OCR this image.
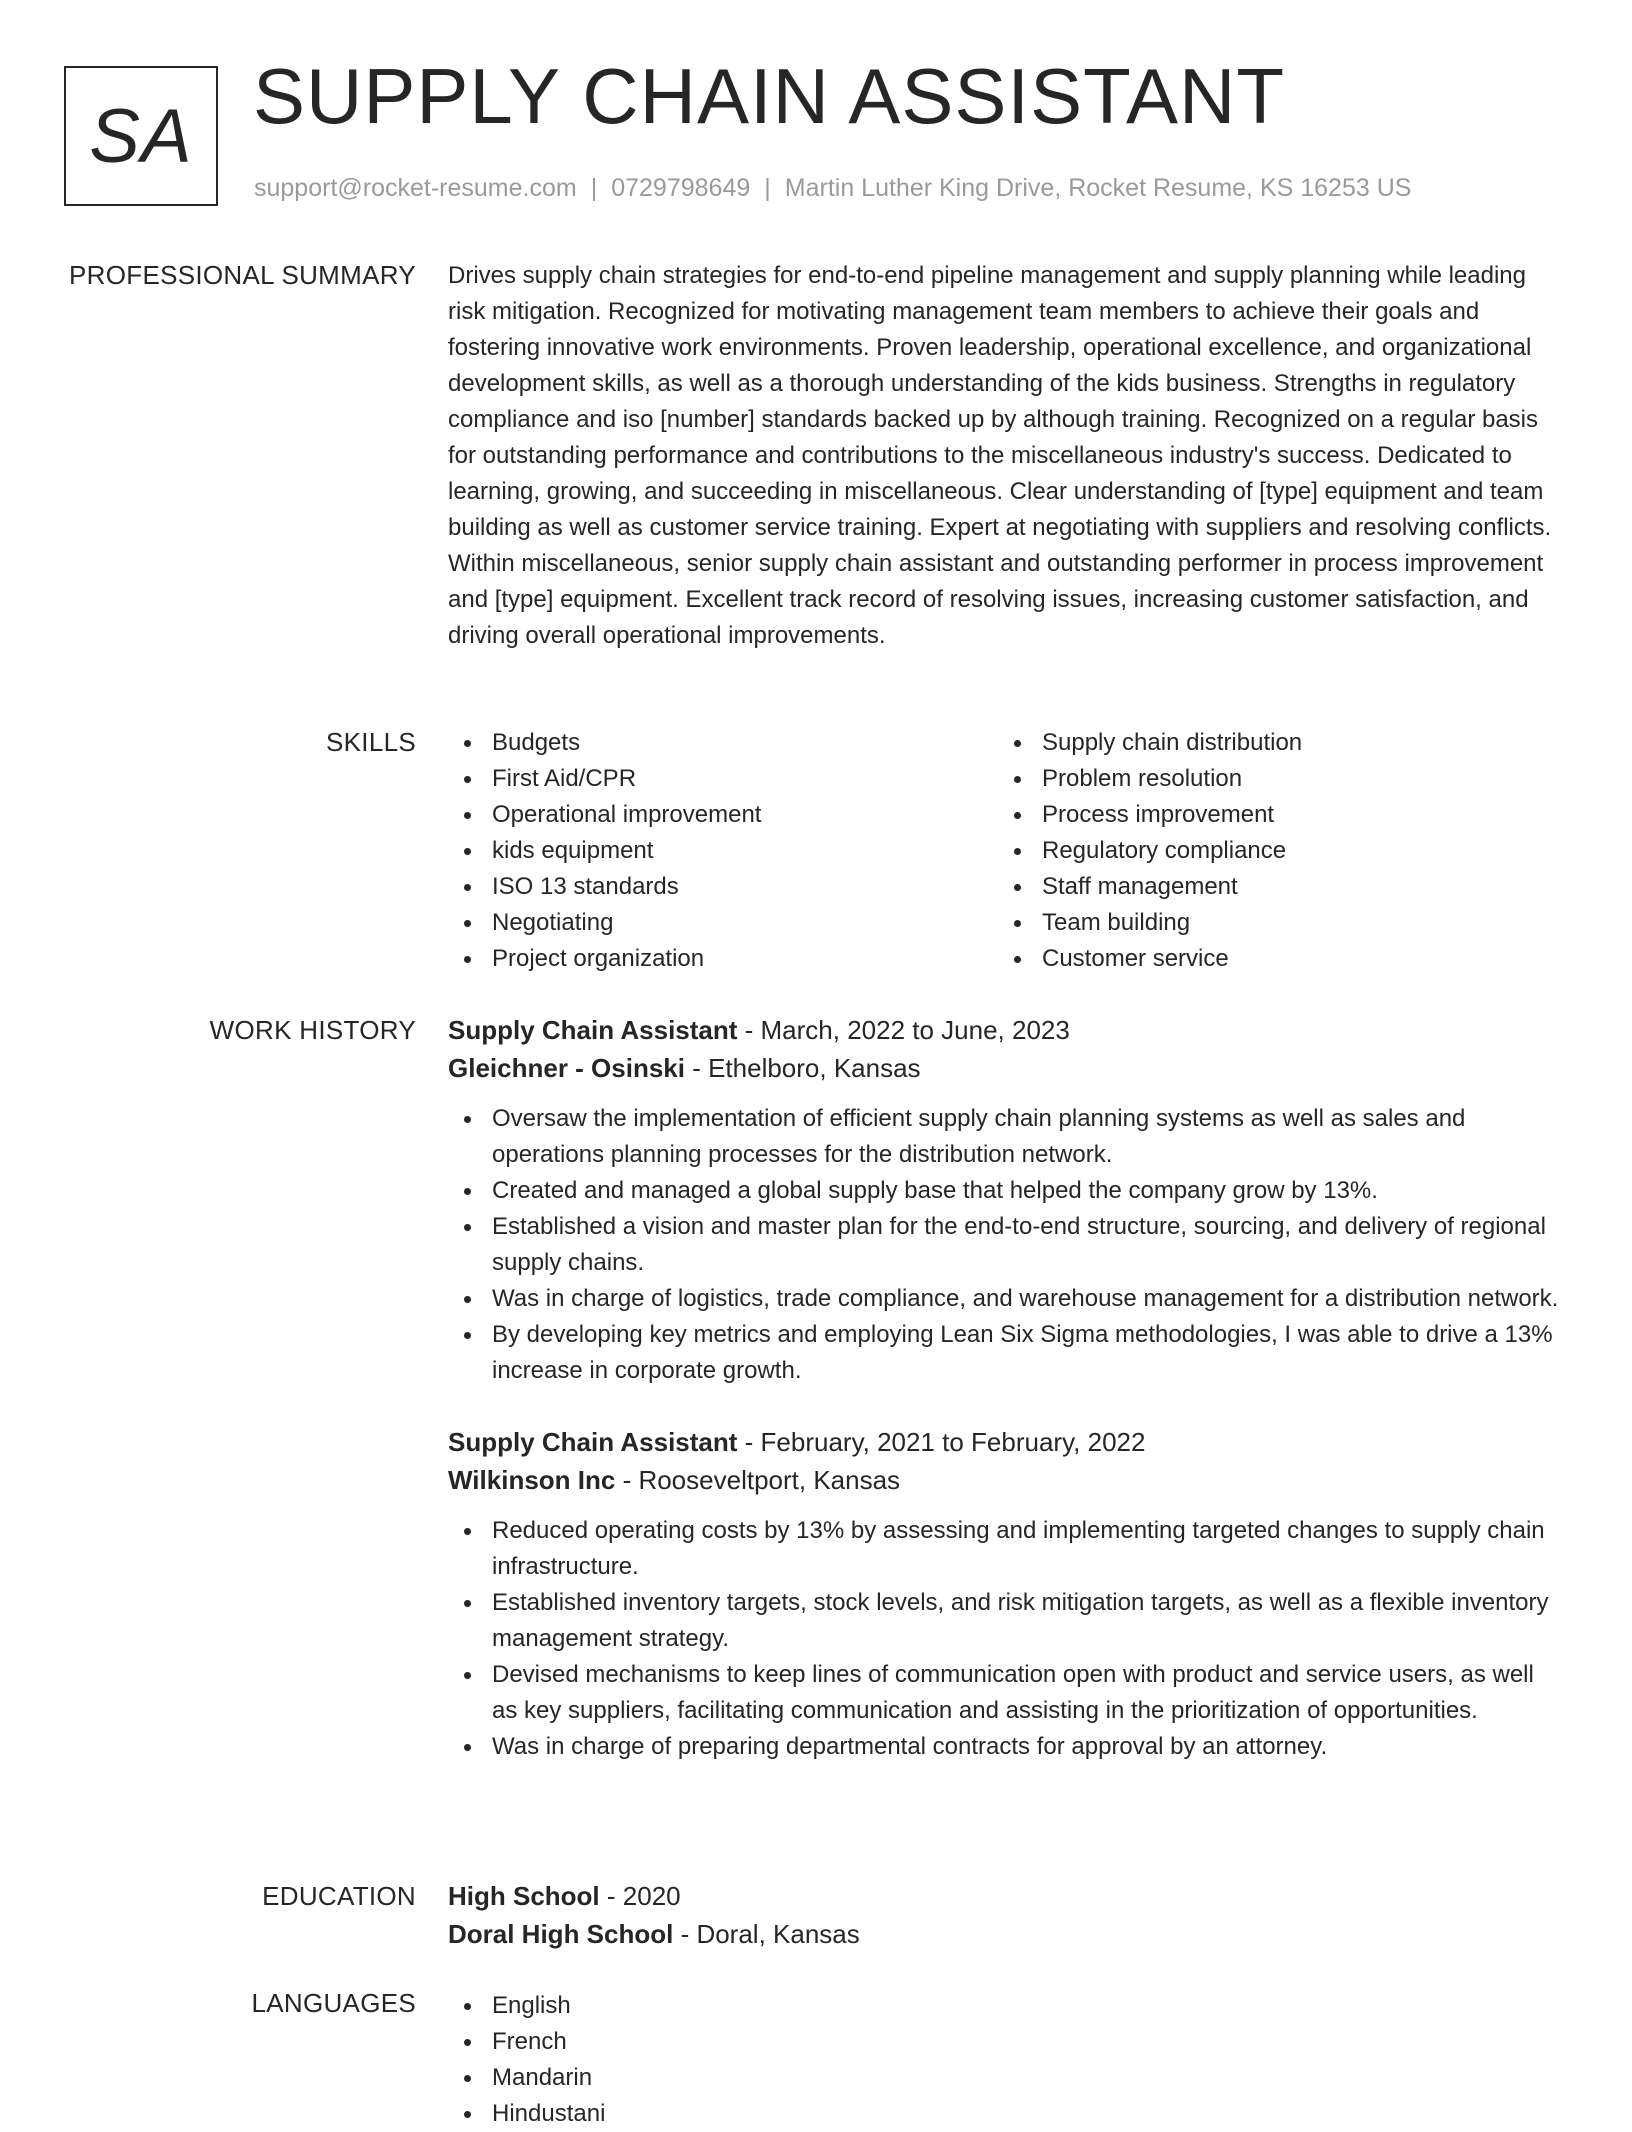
SA SUPPLY CHAIN ASSISTANT
support@rocket-resume.com | 0729798649 | Martin Luther King Drive, Rocket Resume, KS 16253 US
PROFESSIONAL SUMMARY Drives supply chain strategies for end-to-end pipeline management and supply planning while leading risk mitigation. Recognized for motivating management team members to achieve their goals and fostering innovative work environments. Proven leadership, operational excellence, and organizational development skills, as well as a thorough understanding of the kids business. Strengths in regulatory compliance and iso [number] standards backed up by although training. Recognized on a regular basis for outstanding performance and contributions to the miscellaneous industry's success. Dedicated to learning, growing, and succeeding in miscellaneous. Clear understanding of [type] equipment and team building as well as customer service training. Expert at negotiating with suppliers and resolving conflicts. Within miscellaneous, senior supply chain assistant and outstanding performer in process improvement and [type] equipment. Excellent track record of resolving issues, increasing customer satisfaction, and driving overall operational improvements.

SKILLS	Budgets
First Aid/CPR
Operational improvement
kids equipment
ISO 13 standards
Negotiating
Project organization
Supply chain distribution
Problem resolution
Process improvement
Regulatory compliance
Staff management
Team building
Customer service
WORK HISTORY Supply Chain Assistant - March, 2022 to June, 2023
Gleichner - Osinski - Ethelboro, Kansas
Oversaw the implementation of efficient supply chain planning systems as well as sales and operations planning processes for the distribution network.
Created and managed a global supply base that helped the company grow by 13%.
Established a vision and master plan for the end-to-end structure, sourcing, and delivery of regional supply chains.
Was in charge of logistics, trade compliance, and warehouse management for a distribution network.
By developing key metrics and employing Lean Six Sigma methodologies, I was able to drive a 13% increase in corporate growth.
Supply Chain Assistant - February, 2021 to February, 2022
Wilkinson Inc - Rooseveltport, Kansas
Reduced operating costs by 13% by assessing and implementing targeted changes to supply chain infrastructure.
Established inventory targets, stock levels, and risk mitigation targets, as well as a flexible inventory management strategy.
Devised mechanisms to keep lines of communication open with product and service users, as well as key suppliers, facilitating communication and assisting in the prioritization of opportunities.
Was in charge of preparing departmental contracts for approval by an attorney.
EDUCATION High School - 2020
Doral High School - Doral, Kansas
LANGUAGES	English
French
Mandarin
Hindustani
